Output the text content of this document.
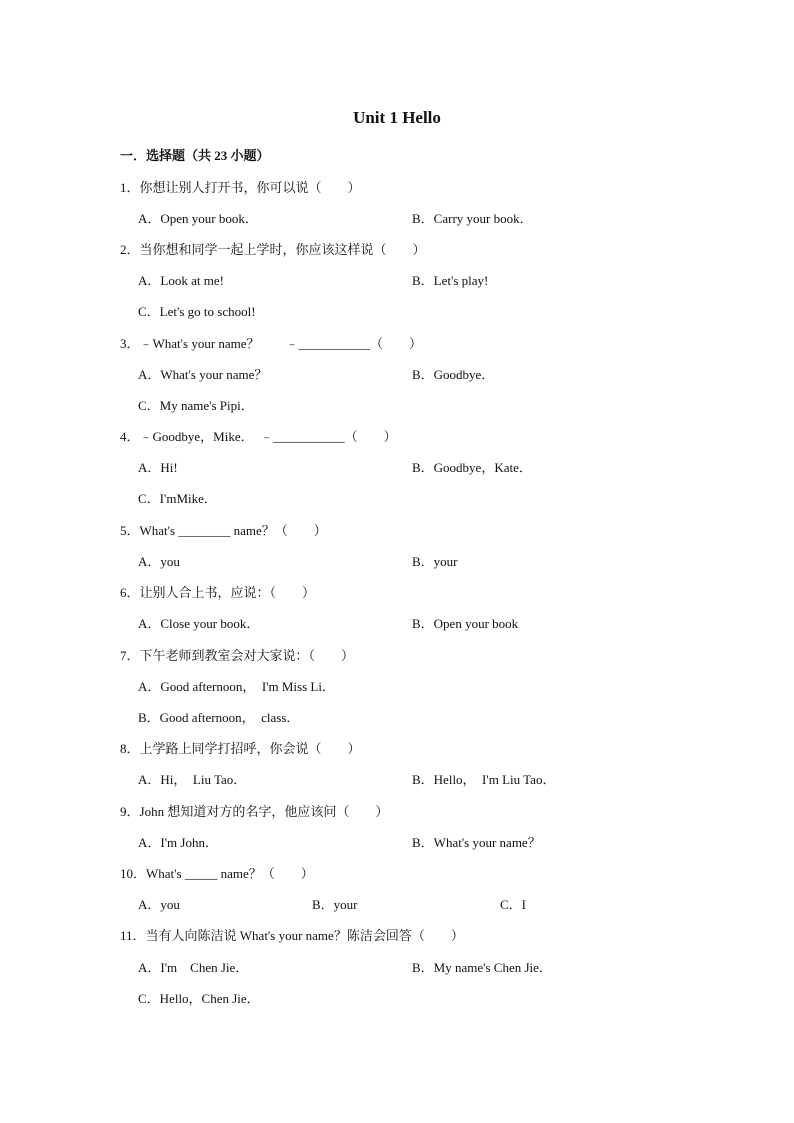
Unit 1 Hello
一．选择题（共 23 小题）
1．你想让别人打开书，你可以说（　　）
A．Open your book．	B．Carry your book．
2．当你想和同学一起上学时，你应该这样说（　　）
A．Look at me!	B．Let's play!
C．Let's go to school!
3．﹣What's your name？　　﹣___________（　　）
A．What's your name？	B．Goodbye．
C．My name's Pipi．
4．﹣Goodbye，Mike．　﹣___________（　　）
A．Hi!	B．Goodbye，Kate．
C．I'mMike．
5．What's ________ name？（　　）
A．you	B．your
6．让别人合上书，应说：（　　）
A．Close your book．	B．Open your book
7．下午老师到教室会对大家说：（　　）
A．Good afternoon，　I'm Miss Li．
B．Good afternoon，　class．
8．上学路上同学打招呼，你会说（　　）
A．Hi，　Liu Tao．	B．Hello，　I'm Liu Tao．
9．John 想知道对方的名字，他应该问（　　）
A．I'm John．	B．What's your name？
10．What's _____ name？（　　）
A．you	B．your	C．I
11．当有人向陈洁说 What's your name？陈洁会回答（　　）
A．I'm　Chen Jie．	B．My name's Chen Jie．
C．Hello，Chen Jie．
